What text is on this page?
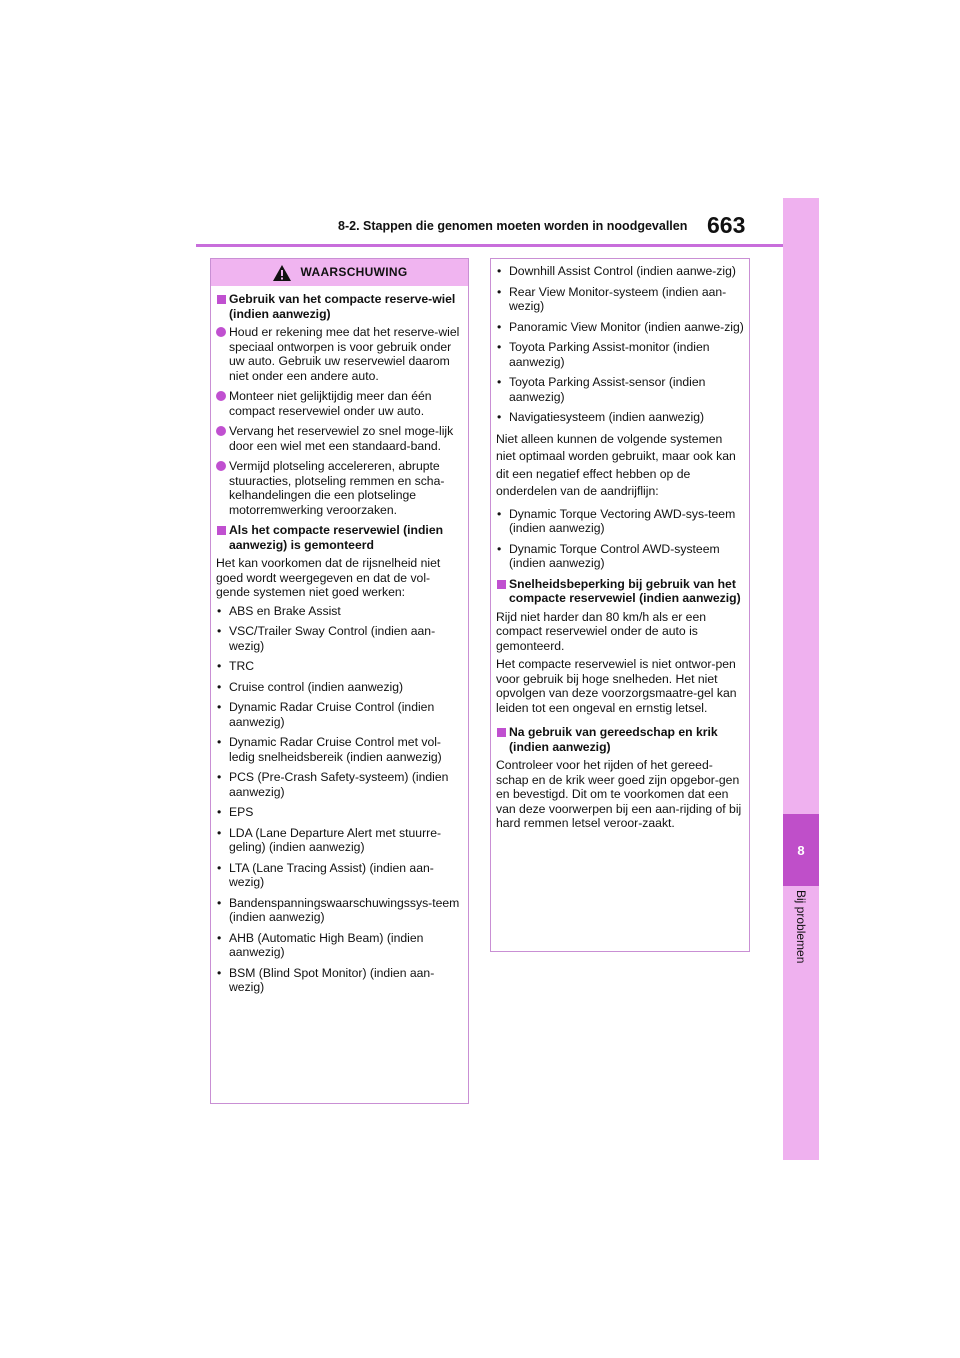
8-2. Stappen die genomen moeten worden in noodgevallen 663
8
Bij problemen
WAARSCHUWING
Gebruik van het compacte reserve-wiel (indien aanwezig)
Houd er rekening mee dat het reserve-wiel speciaal ontworpen is voor gebruik onder uw auto. Gebruik uw reservewiel daarom niet onder een andere auto.
Monteer niet gelijktijdig meer dan één compact reservewiel onder uw auto.
Vervang het reservewiel zo snel moge-lijk door een wiel met een standaard-band.
Vermijd plotseling accelereren, abrupte stuuracties, plotseling remmen en scha-kelhandelingen die een plotselinge motorremwerking veroorzaken.
Als het compacte reservewiel (indien aanwezig) is gemonteerd
Het kan voorkomen dat de rijsnelheid niet goed wordt weergegeven en dat de vol-gende systemen niet goed werken:
• ABS en Brake Assist
• VSC/Trailer Sway Control (indien aan-wezig)
• TRC
• Cruise control (indien aanwezig)
• Dynamic Radar Cruise Control (indien aanwezig)
• Dynamic Radar Cruise Control met vol-ledig snelheidsbereik (indien aanwezig)
• PCS (Pre-Crash Safety-systeem) (indien aanwezig)
• EPS
• LDA (Lane Departure Alert met stuurre-geling) (indien aanwezig)
• LTA (Lane Tracing Assist) (indien aan-wezig)
• Bandenspanningswaarschuwingssys-teem (indien aanwezig)
• AHB (Automatic High Beam) (indien aanwezig)
• BSM (Blind Spot Monitor) (indien aan-wezig)
• Downhill Assist Control (indien aanwe-zig)
• Rear View Monitor-systeem (indien aan-wezig)
• Panoramic View Monitor (indien aanwe-zig)
• Toyota Parking Assist-monitor (indien aanwezig)
• Toyota Parking Assist-sensor (indien aanwezig)
• Navigatiesysteem (indien aanwezig)
Niet alleen kunnen de volgende systemen niet optimaal worden gebruikt, maar ook kan dit een negatief effect hebben op de onderdelen van de aandrijflijn:
• Dynamic Torque Vectoring AWD-sys-teem (indien aanwezig)
• Dynamic Torque Control AWD-systeem (indien aanwezig)
Snelheidsbeperking bij gebruik van het compacte reservewiel (indien aanwezig)
Rijd niet harder dan 80 km/h als er een compact reservewiel onder de auto is gemonteerd.
Het compacte reservewiel is niet ontwor-pen voor gebruik bij hoge snelheden. Het niet opvolgen van deze voorzorgsmaatre-gel kan leiden tot een ongeval en ernstig letsel.
Na gebruik van gereedschap en krik (indien aanwezig)
Controleer voor het rijden of het gereed-schap en de krik weer goed zijn opgebor-gen en bevestigd. Dit om te voorkomen dat een van deze voorwerpen bij een aan-rijding of bij hard remmen letsel veroor-zaakt.
